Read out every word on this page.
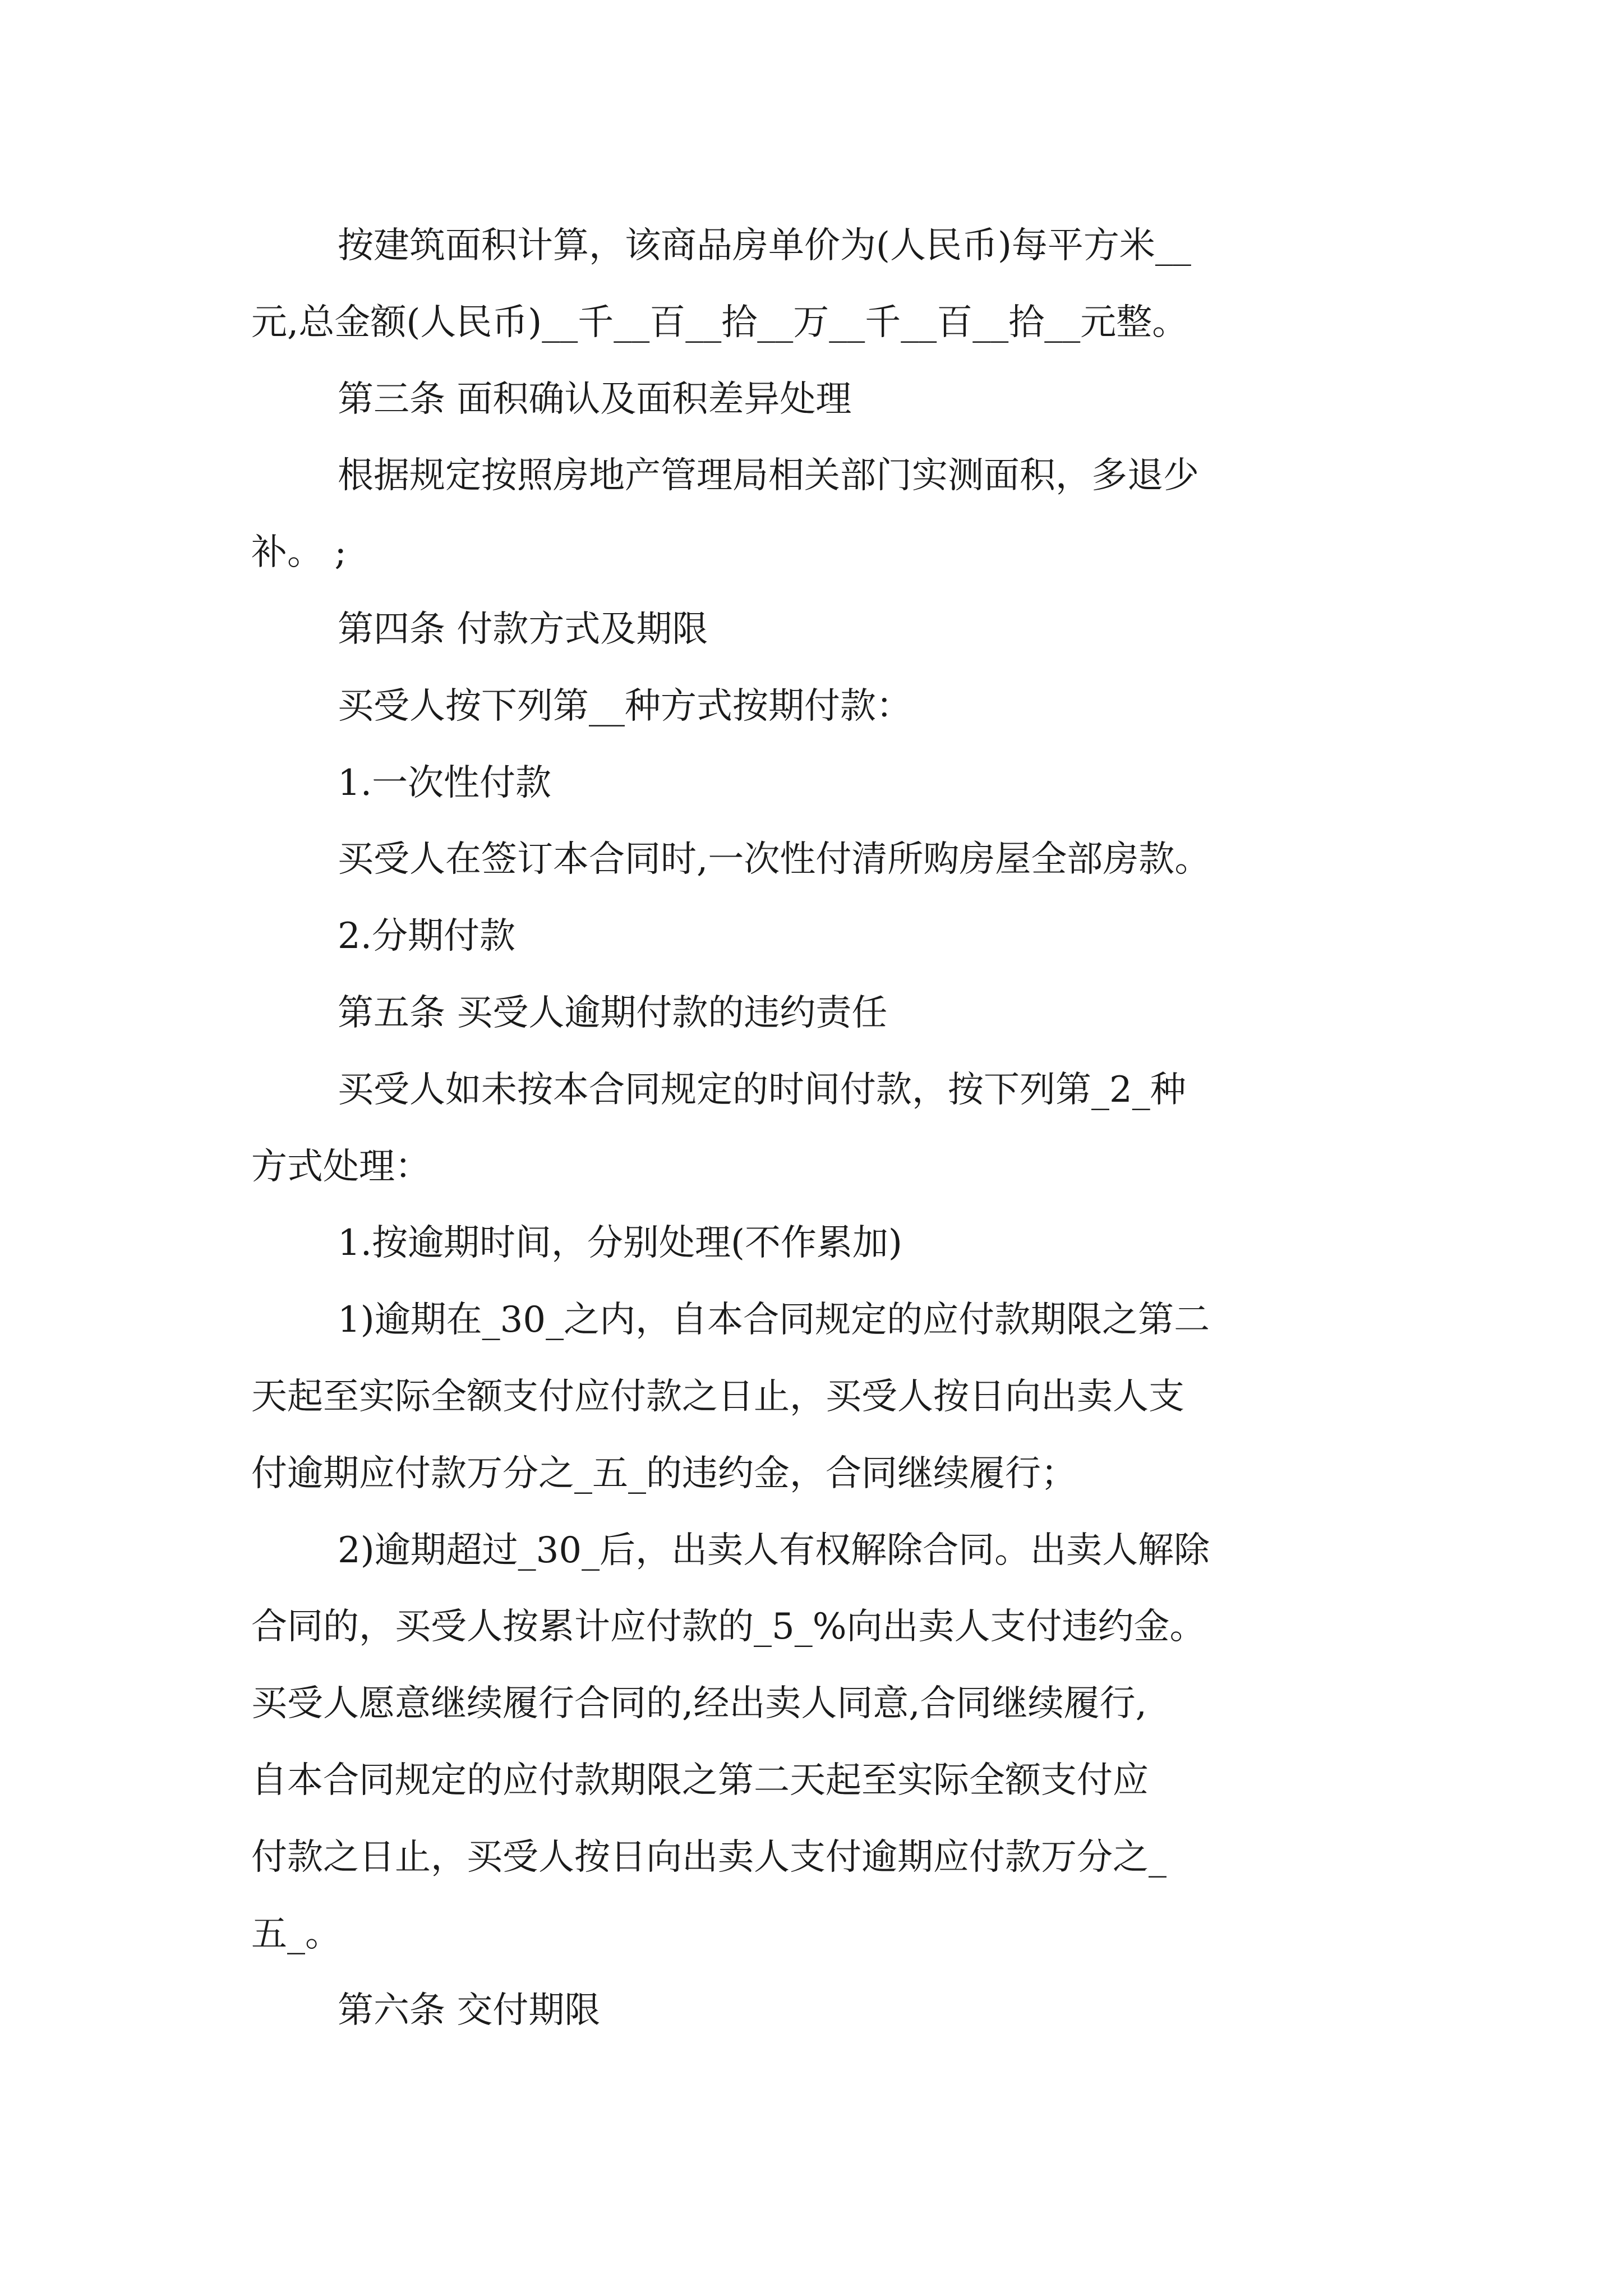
按建筑面积计算，该商品房单价为(人民币)每平方米__
元,总金额(人民币)__千__百__拾__万__千__百__拾__元整。
第三条 面积确认及面积差异处理
根据规定按照房地产管理局相关部门实测面积，多退少
补。 ;
第四条 付款方式及期限
买受人按下列第__种方式按期付款：
1.一次性付款
买受人在签订本合同时,一次性付清所购房屋全部房款。
2.分期付款
第五条 买受人逾期付款的违约责任
买受人如未按本合同规定的时间付款，按下列第_2_种
方式处理：
1.按逾期时间，分别处理(不作累加)
1)逾期在_30_之内，自本合同规定的应付款期限之第二
天起至实际全额支付应付款之日止，买受人按日向出卖人支
付逾期应付款万分之_五_的违约金，合同继续履行；
2)逾期超过_30_后，出卖人有权解除合同。出卖人解除
合同的，买受人按累计应付款的_5_%向出卖人支付违约金。
买受人愿意继续履行合同的,经出卖人同意,合同继续履行,
自本合同规定的应付款期限之第二天起至实际全额支付应
付款之日止，买受人按日向出卖人支付逾期应付款万分之_
五_。
第六条 交付期限
